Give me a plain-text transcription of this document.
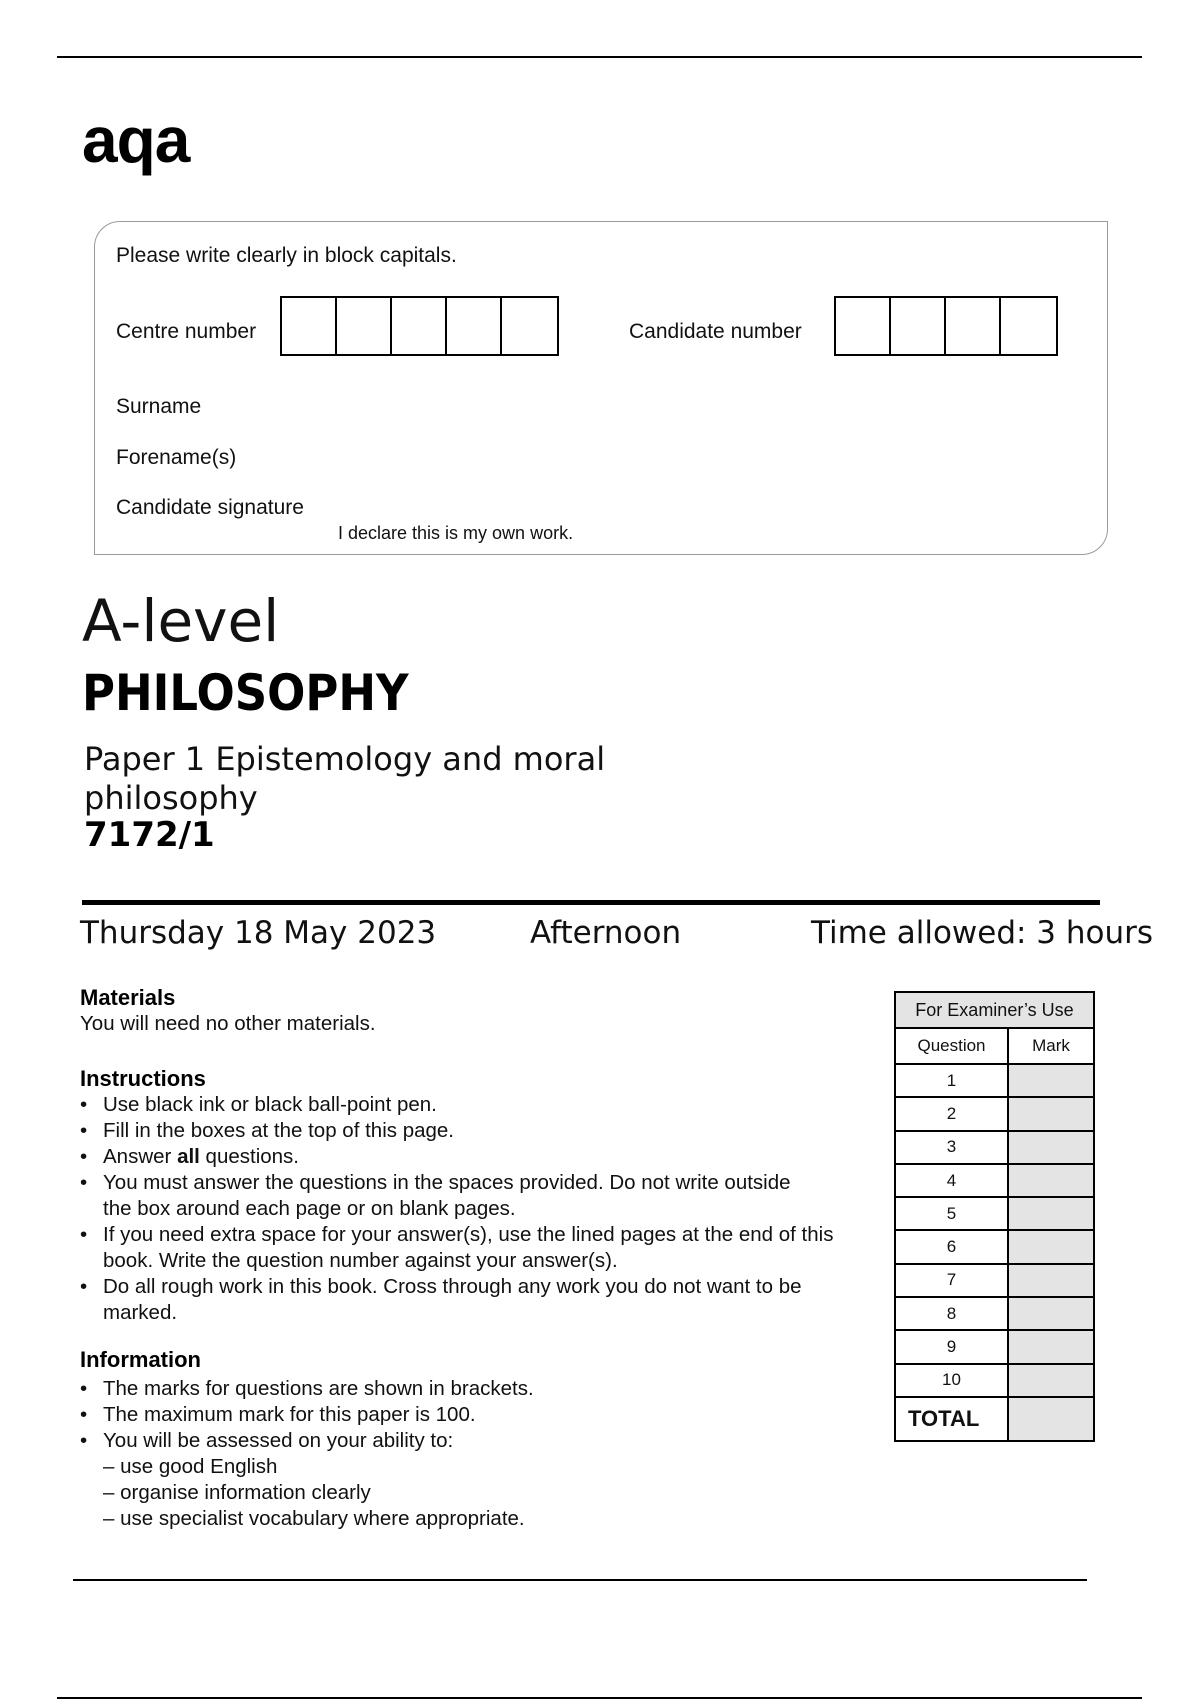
aqa
Please write clearly in block capitals.
Centre number	Candidate number
Surname
Forename(s)
Candidate signature
I declare this is my own work.
A-level
PHILOSOPHY
Paper 1 Epistemology and moral philosophy
7172/1
Thursday 18 May 2023	Afternoon	Time allowed: 3 hours
Materials
You will need no other materials.
Instructions
• Use black ink or black ball-point pen.
• Fill in the boxes at the top of this page.
• Answer all questions.
• You must answer the questions in the spaces provided. Do not write outside the box around each page or on blank pages.
• If you need extra space for your answer(s), use the lined pages at the end of this book. Write the question number against your answer(s).
• Do all rough work in this book. Cross through any work you do not want to be marked.
Information
• The marks for questions are shown in brackets.
• The maximum mark for this paper is 100.
• You will be assessed on your ability to:
– use good English
– organise information clearly
– use specialist vocabulary where appropriate.
For Examiner’s Use	
Question	Mark
1	
2	
3	
4	
5	
6	
7	
8	
9	
10	
TOTAL	
